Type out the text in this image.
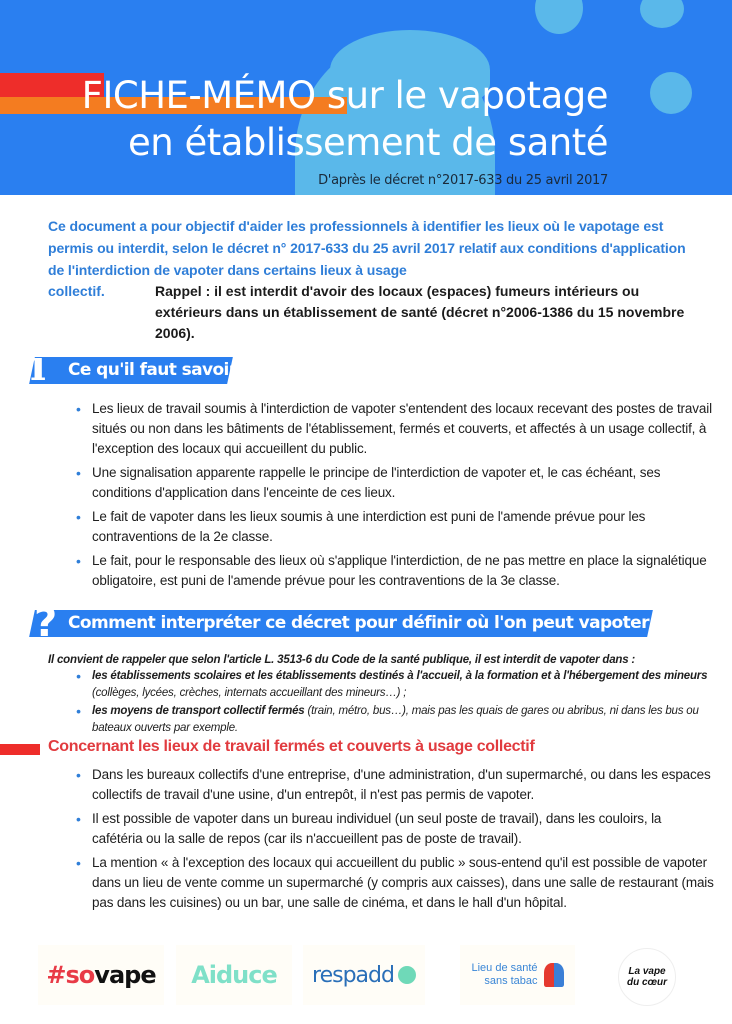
FICHE-MÉMO sur le vapotage
en établissement de santé
D'après le décret n°2017-633 du 25 avril 2017

Ce document a pour objectif d'aider les professionnels à identifier les lieux où le vapotage est permis ou interdit, selon le décret n° 2017-633 du 25 avril 2017 relatif aux conditions d'application de l'interdiction de vapoter dans certains lieux à usage

collectif.	Rappel : il est interdit d'avoir des locaux (espaces) fumeurs intérieurs ou extérieurs dans un établissement de santé (décret n°2006-1386 du 15 novembre 2006).

i Ce qu'il faut savoir
• Les lieux de travail soumis à l'interdiction de vapoter s'entendent des locaux recevant des postes de travail situés ou non dans les bâtiments de l'établissement, fermés et couverts, et affectés à un usage collectif, à l'exception des locaux qui accueillent du public.
• Une signalisation apparente rappelle le principe de l'interdiction de vapoter et, le cas échéant, ses conditions d'application dans l'enceinte de ces lieux.
• Le fait de vapoter dans les lieux soumis à une interdiction est puni de l'amende prévue pour les contraventions de la 2e classe.
• Le fait, pour le responsable des lieux où s'applique l'interdiction, de ne pas mettre en place la signalétique obligatoire, est puni de l'amende prévue pour les contraventions de la 3e classe.
? Comment interpréter ce décret pour définir où l'on peut vapoter ?

Il convient de rappeler que selon l'article L. 3513-6 du Code de la santé publique, il est interdit de vapoter dans :

• les établissements scolaires et les établissements destinés à l'accueil, à la formation et à l'hébergement des mineurs (collèges, lycées, crèches, internats accueillant des mineurs…) ;
• les moyens de transport collectif fermés (train, métro, bus…), mais pas les quais de gares ou abribus, ni dans les bus ou bateaux ouverts par exemple.
Concernant les lieux de travail fermés et couverts à usage collectif
• Dans les bureaux collectifs d'une entreprise, d'une administration, d'un supermarché, ou dans les espaces collectifs de travail d'une usine, d'un entrepôt, il n'est pas permis de vapoter.
• Il est possible de vapoter dans un bureau individuel (un seul poste de travail), dans les couloirs, la cafétéria ou la salle de repos (car ils n'accueillent pas de poste de travail).
• La mention « à l'exception des locaux qui accueillent du public » sous-entend qu'il est possible de vapoter dans un lieu de vente comme un supermarché (y compris aux caisses), dans une salle de restaurant (mais pas dans les cuisines) ou un bar, une salle de cinéma, et dans le hall d'un hôpital.
#so vape	Aiduce	respadd	Lieu de santé
sans tabac
La vape
du cœur
